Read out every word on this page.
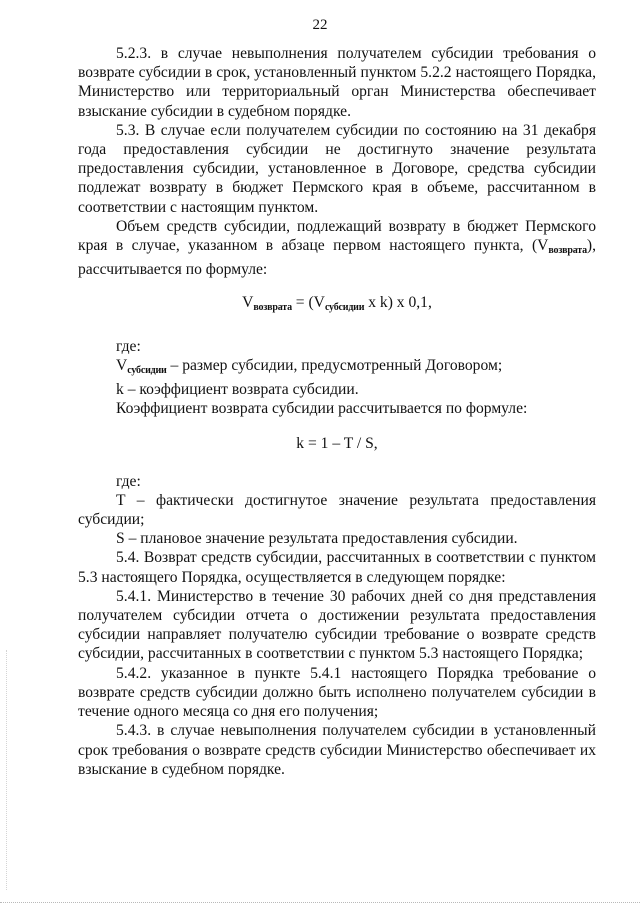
22

5.2.3. в случае невыполнения получателем субсидии требования о возврате субсидии в срок, установленный пунктом 5.2.2 настоящего Порядка, Министерство или территориальный орган Министерства обеспечивает взыскание субсидии в судебном порядке.

5.3. В случае если получателем субсидии по состоянию на 31 декабря года предоставления субсидии не достигнуто значение результата предоставления субсидии, установленное в Договоре, средства субсидии подлежат возврату в бюджет Пермского края в объеме, рассчитанном в соответствии с настоящим пунктом.

Объем средств субсидии, подлежащий возврату в бюджет Пермского края в случае, указанном в абзаце первом настоящего пункта, $(V_{возврата})$, рассчитывается по формуле:

$V_{возврата} = (V_{субсидии}$ x k) x 0,1,

где:

$V_{субсидии}$ – размер субсидии, предусмотренный Договором;

k – коэффициент возврата субсидии.

Коэффициент возврата субсидии рассчитывается по формуле:

k = 1 – T / S,

где:

T – фактически достигнутое значение результата предоставления субсидии;

S – плановое значение результата предоставления субсидии.

5.4. Возврат средств субсидии, рассчитанных в соответствии с пунктом 5.3 настоящего Порядка, осуществляется в следующем порядке:

5.4.1. Министерство в течение 30 рабочих дней со дня представления получателем субсидии отчета о достижении результата предоставления субсидии направляет получателю субсидии требование о возврате средств субсидии, рассчитанных в соответствии с пунктом 5.3 настоящего Порядка;

5.4.2. указанное в пункте 5.4.1 настоящего Порядка требование о возврате средств субсидии должно быть исполнено получателем субсидии в течение одного месяца со дня его получения;

5.4.3. в случае невыполнения получателем субсидии в установленный срок требования о возврате средств субсидии Министерство обеспечивает их взыскание в судебном порядке.
